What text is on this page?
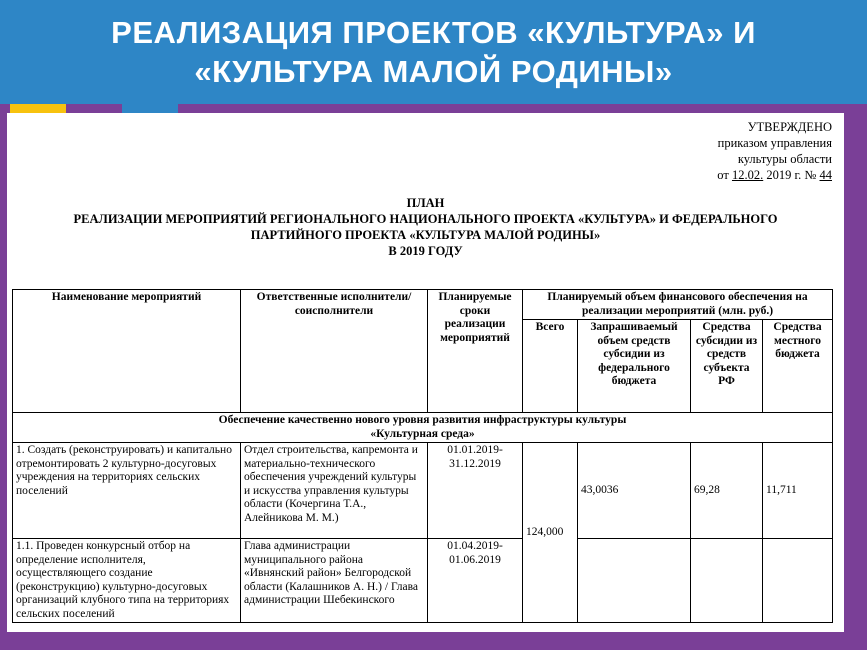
РЕАЛИЗАЦИЯ ПРОЕКТОВ «КУЛЬТУРА» И
«КУЛЬТУРА МАЛОЙ РОДИНЫ»
УТВЕРЖДЕНО
приказом управления
культуры области
от 12.02. 2019 г. № 44
ПЛАН
РЕАЛИЗАЦИИ МЕРОПРИЯТИЙ РЕГИОНАЛЬНОГО НАЦИОНАЛЬНОГО ПРОЕКТА «КУЛЬТУРА» И ФЕДЕРАЛЬНОГО
ПАРТИЙНОГО ПРОЕКТА «КУЛЬТУРА МАЛОЙ РОДИНЫ»
В 2019 ГОДУ
Наименование мероприятий	Ответственные исполнители/соисполнители	Планируемые сроки реализации мероприятий	Планируемый объем финансового обеспечения на реализации мероприятий (млн. руб.)			
			Всего	Запрашиваемый объем средств субсидии из федерального бюджета	Средства субсидии из средств субъекта РФ	Средства местного бюджета
Обеспечение качественно нового уровня развития инфраструктуры культуры
«Культурная среда»						
1. Создать (реконструировать) и капитально отремонтировать 2 культурно-досуговых учреждения на территориях сельских поселений	Отдел строительства, капремонта и материально-технического обеспечения учреждений культуры и искусства управления культуры области (Кочергина Т.А., Алейникова М. М.)	01.01.2019-31.12.2019	124,000	43,0036	69,28	11,711
1.1. Проведен конкурсный отбор на определение исполнителя, осуществляющего создание (реконструкцию) культурно-досуговых организаций клубного типа на территориях сельских поселений	Глава администрации муниципального района «Ивнянский район» Белгородской области (Калашников А. Н.) / Глава администрации Шебекинского	01.04.2019-01.06.2019				
